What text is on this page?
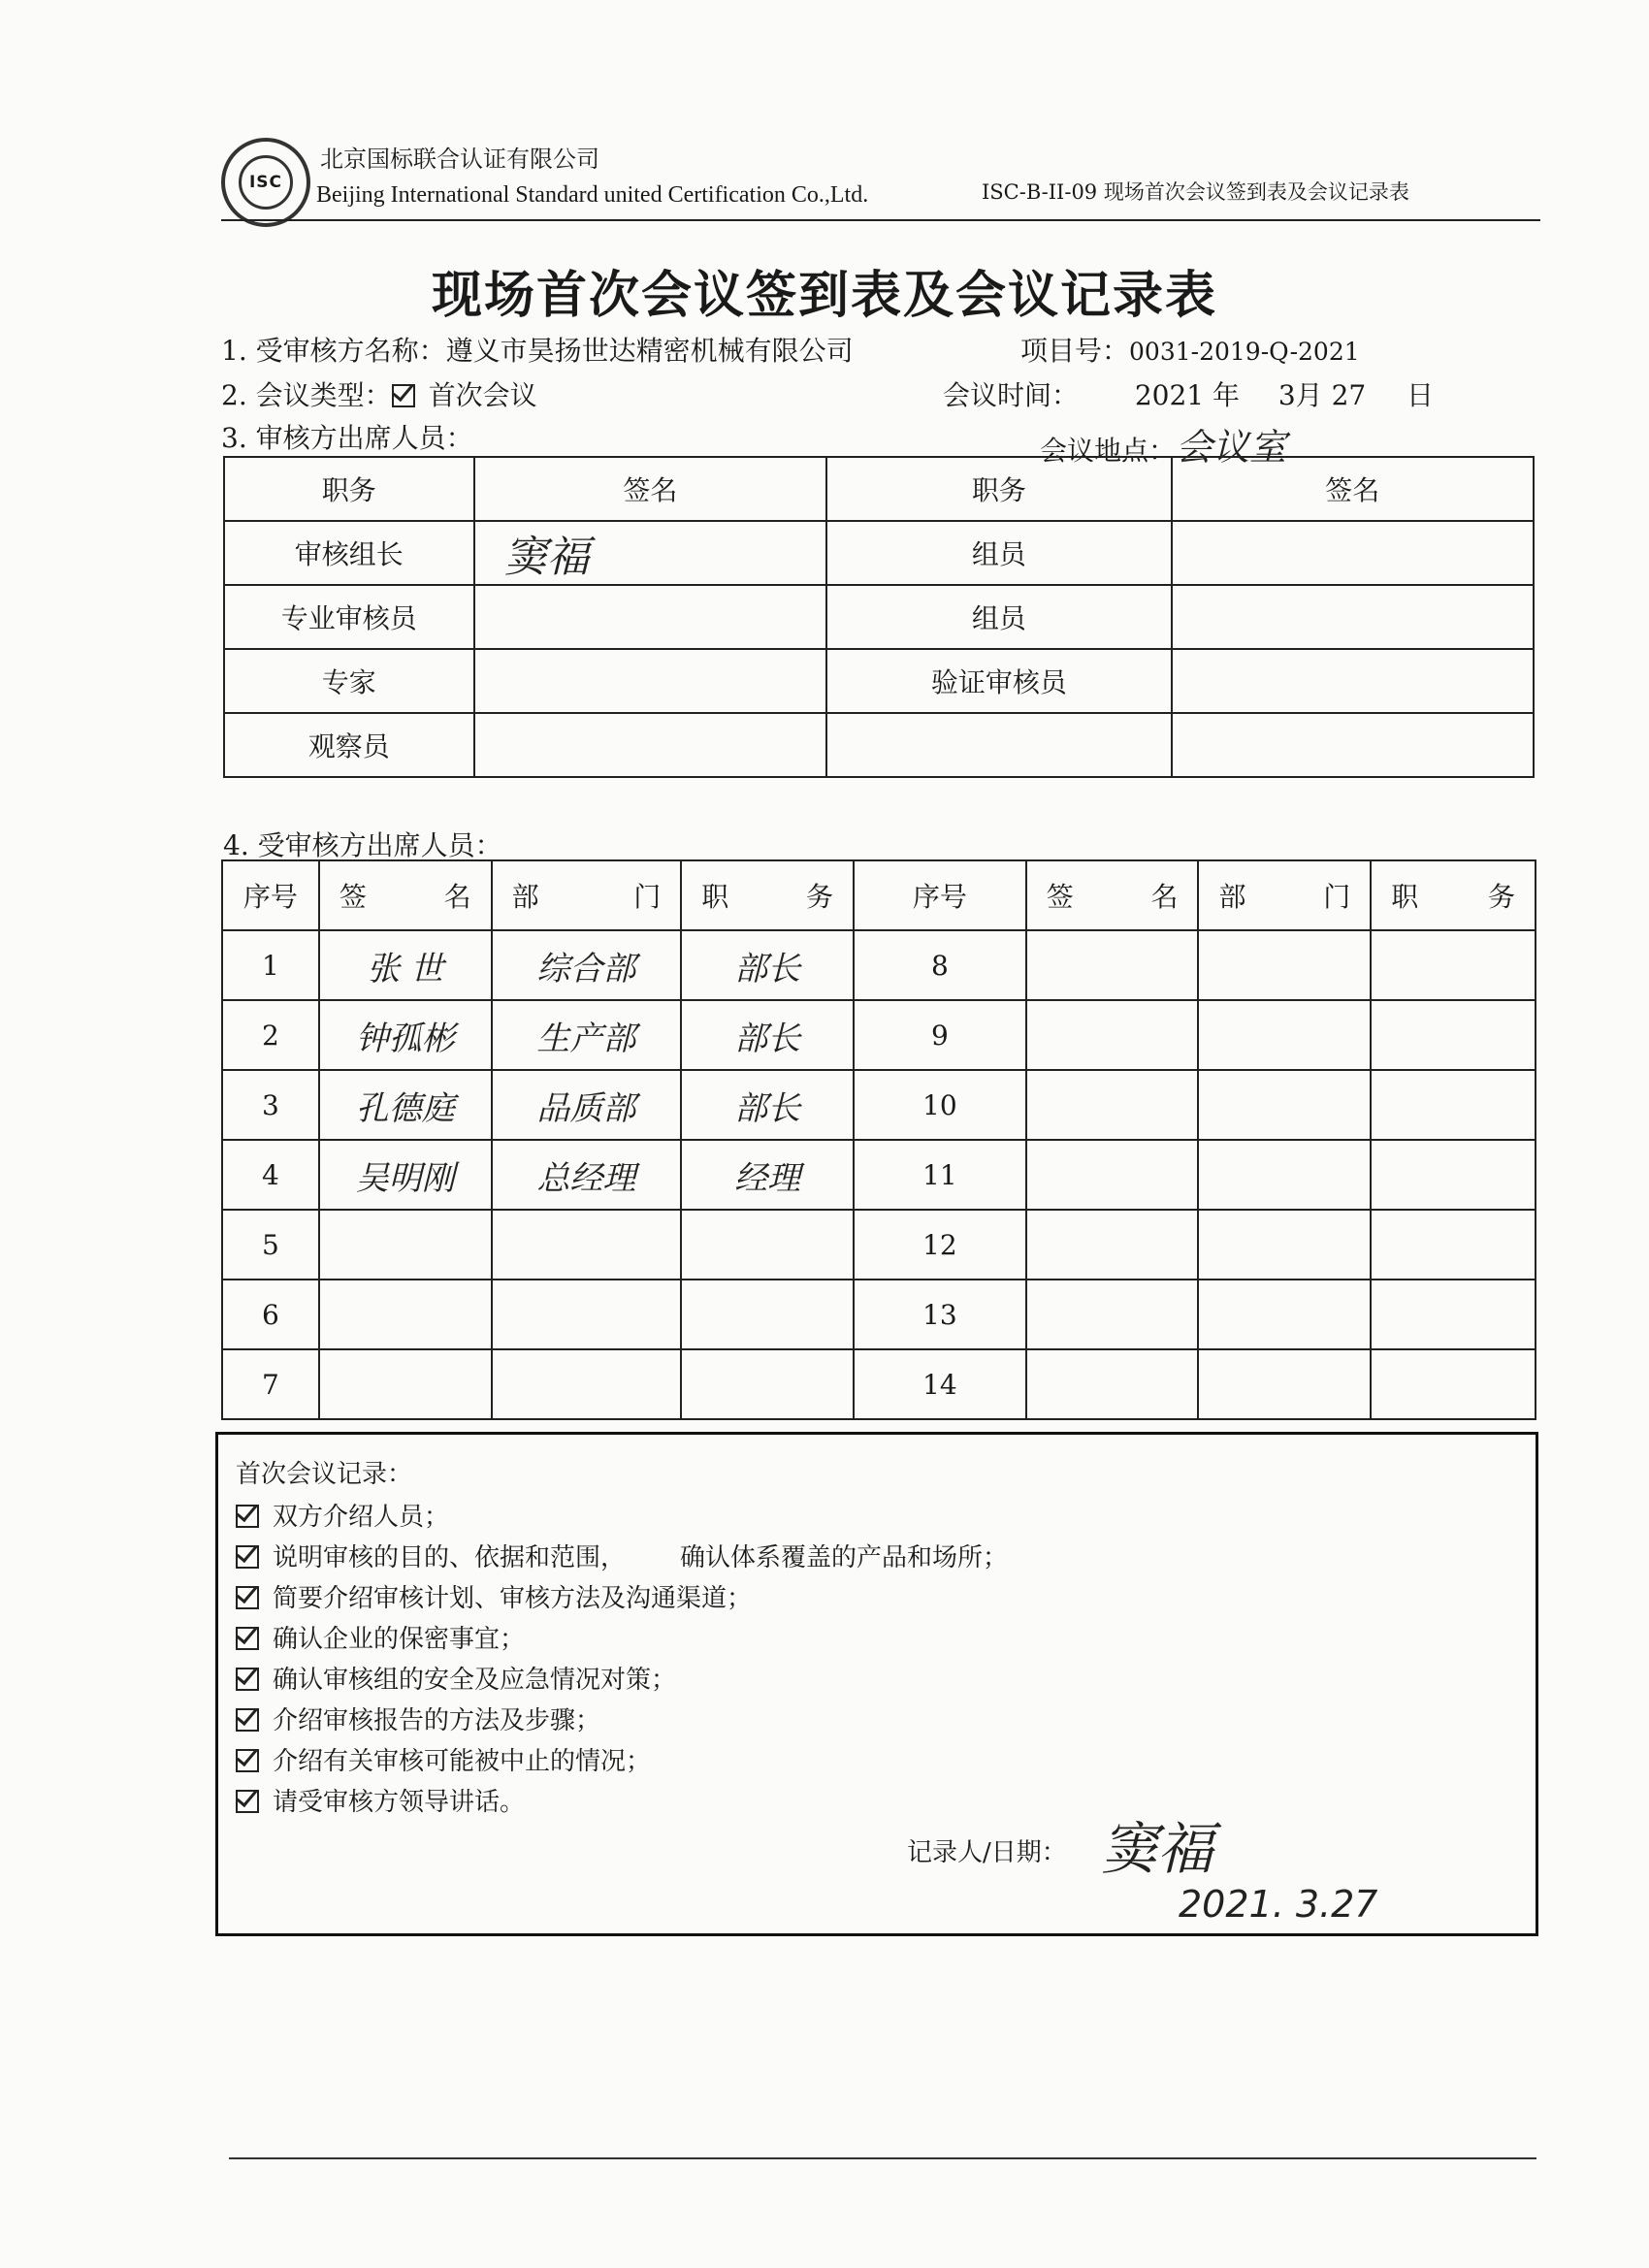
ISC
北京国标联合认证有限公司
Beijing International Standard united Certification Co.,Ltd.	ISC-B-II-09 现场首次会议签到表及会议记录表
现场首次会议签到表及会议记录表
1. 受审核方名称：遵义市昊扬世达精密机械有限公司	项目号：0031-2019-Q-2021
2. 会议类型： 首次会议	会议时间： 2021 年 3月 27 日
3. 审核方出席人员：	会议地点：会议室
职务	签名	职务	签名
审核组长	窦福	组员	
专业审核员		组员	
专家		验证审核员	
观察员			
4. 受审核方出席人员：
序号	签 名	部 门	职 务	序号	签 名	部 门	职 务
1	张 世	综合部	部长	8			
2	钟孤彬	生产部	部长	9			
3	孔德庭	品质部	部长	10			
4	吴明刚	总经理	经理	11			
5				12			
6				13			
7				14			
首次会议记录：
双方介绍人员；
说明审核的目的、依据和范围， 确认体系覆盖的产品和场所；
简要介绍审核计划、审核方法及沟通渠道；
确认企业的保密事宜；
确认审核组的安全及应急情况对策；
介绍审核报告的方法及步骤；
介绍有关审核可能被中止的情况；
请受审核方领导讲话。
记录人/日期： 窦福
2021. 3.27
